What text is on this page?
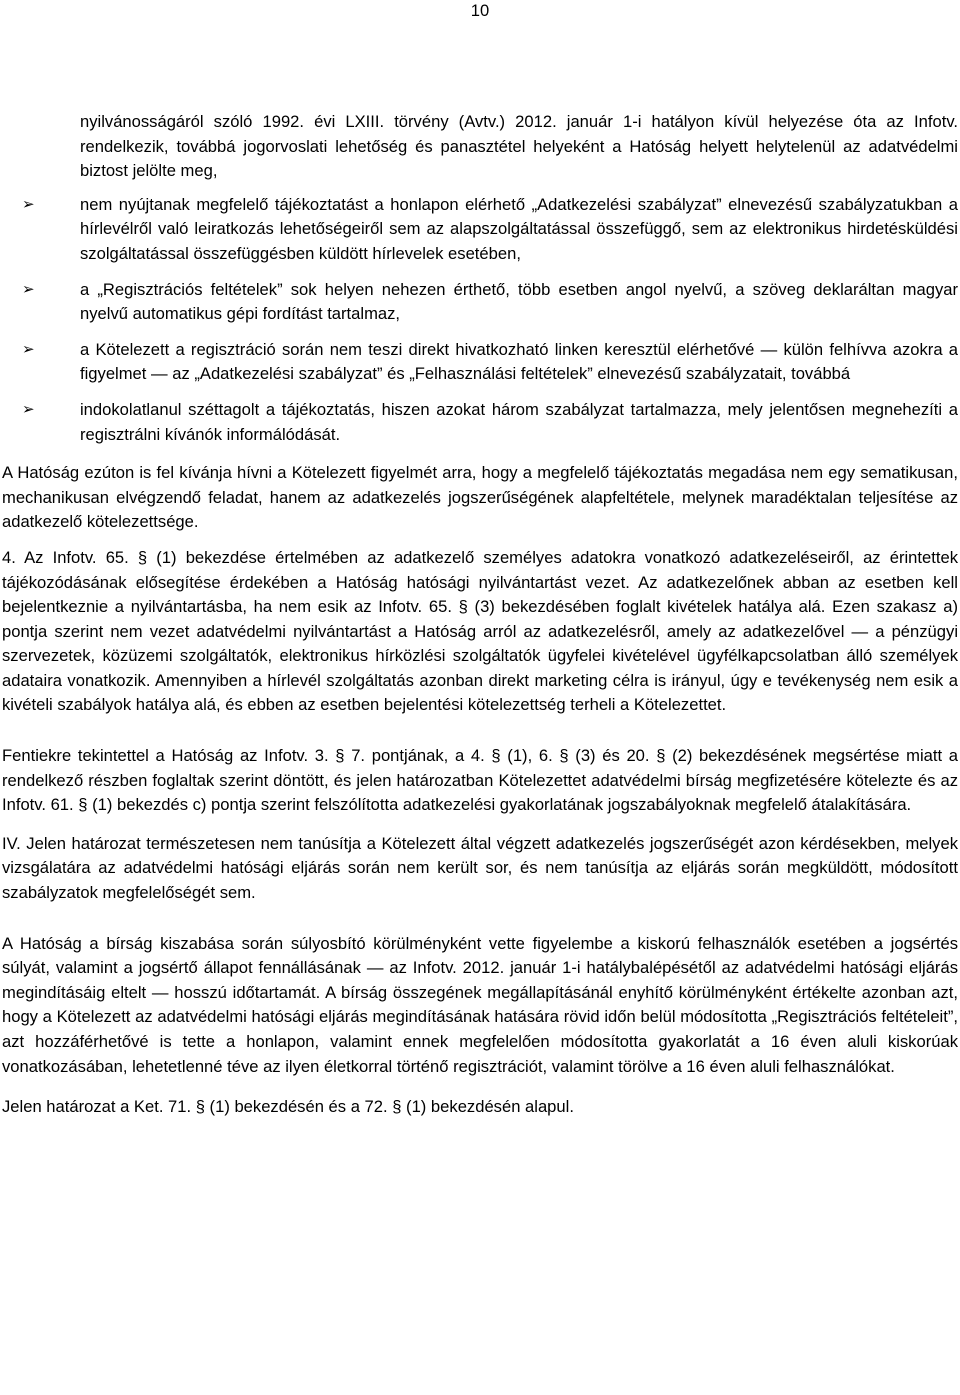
10

nyilvánosságáról szóló 1992. évi LXIII. törvény (Avtv.) 2012. január 1-i hatályon kívül helyezése óta az Infotv. rendelkezik, továbbá jogorvoslati lehetőség és panasztétel helyeként a Hatóság helyett helytelenül az adatvédelmi biztost jelölte meg,

➢	nem nyújtanak megfelelő tájékoztatást a honlapon elérhető „Adatkezelési szabályzat” elnevezésű szabályzatukban a hírlevélről való leiratkozás lehetőségeiről sem az alapszolgáltatással összefüggő, sem az elektronikus hirdetésküldési szolgáltatással összefüggésben küldött hírlevelek esetében,
➢	a „Regisztrációs feltételek” sok helyen nehezen érthető, több esetben angol nyelvű, a szöveg deklaráltan magyar nyelvű automatikus gépi fordítást tartalmaz,
➢	a Kötelezett a regisztráció során nem teszi direkt hivatkozható linken keresztül elérhetővé — külön felhívva azokra a figyelmet — az „Adatkezelési szabályzat” és „Felhasználási feltételek” elnevezésű szabályzatait, továbbá
➢	indokolatlanul széttagolt a tájékoztatás, hiszen azokat három szabályzat tartalmazza, mely jelentősen megnehezíti a regisztrálni kívánók informálódását.

A Hatóság ezúton is fel kívánja hívni a Kötelezett figyelmét arra, hogy a megfelelő tájékoztatás megadása nem egy sematikusan, mechanikusan elvégzendő feladat, hanem az adatkezelés jogszerűségének alapfeltétele, melynek maradéktalan teljesítése az adatkezelő kötelezettsége.

4. Az Infotv. 65. § (1) bekezdése értelmében az adatkezelő személyes adatokra vonatkozó adatkezeléseiről, az érintettek tájékozódásának elősegítése érdekében a Hatóság hatósági nyilvántartást vezet. Az adatkezelőnek abban az esetben kell bejelentkeznie a nyilvántartásba, ha nem esik az Infotv. 65. § (3) bekezdésében foglalt kivételek hatálya alá. Ezen szakasz a) pontja szerint nem vezet adatvédelmi nyilvántartást a Hatóság arról az adatkezelésről, amely az adatkezelővel — a pénzügyi szervezetek, közüzemi szolgáltatók, elektronikus hírközlési szolgáltatók ügyfelei kivételével ügyfélkapcsolatban álló személyek adataira vonatkozik. Amennyiben a hírlevél szolgáltatás azonban direkt marketing célra is irányul, úgy e tevékenység nem esik a kivételi szabályok hatálya alá, és ebben az esetben bejelentési kötelezettség terheli a Kötelezettet.

Fentiekre tekintettel a Hatóság az Infotv. 3. § 7. pontjának, a 4. § (1), 6. § (3) és 20. § (2) bekezdésének megsértése miatt a rendelkező részben foglaltak szerint döntött, és jelen határozatban Kötelezettet adatvédelmi bírság megfizetésére kötelezte és az Infotv. 61. § (1) bekezdés c) pontja szerint felszólította adatkezelési gyakorlatának jogszabályoknak megfelelő átalakítására.

IV. Jelen határozat természetesen nem tanúsítja a Kötelezett által végzett adatkezelés jogszerűségét azon kérdésekben, melyek vizsgálatára az adatvédelmi hatósági eljárás során nem került sor, és nem tanúsítja az eljárás során megküldött, módosított szabályzatok megfelelőségét sem.

A Hatóság a bírság kiszabása során súlyosbító körülményként vette figyelembe a kiskorú felhasználók esetében a jogsértés súlyát, valamint a jogsértő állapot fennállásának — az Infotv. 2012. január 1-i hatálybalépésétől az adatvédelmi hatósági eljárás megindításáig eltelt — hosszú időtartamát. A bírság összegének megállapításánál enyhítő körülményként értékelte azonban azt, hogy a Kötelezett az adatvédelmi hatósági eljárás megindításának hatására rövid időn belül módosította „Regisztrációs feltételeit”, azt hozzáférhetővé is tette a honlapon, valamint ennek megfelelően módosította gyakorlatát a 16 éven aluli kiskorúak vonatkozásában, lehetetlenné téve az ilyen életkorral történő regisztrációt, valamint törölve a 16 éven aluli felhasználókat.

Jelen határozat a Ket. 71. § (1) bekezdésén és a 72. § (1) bekezdésén alapul.
